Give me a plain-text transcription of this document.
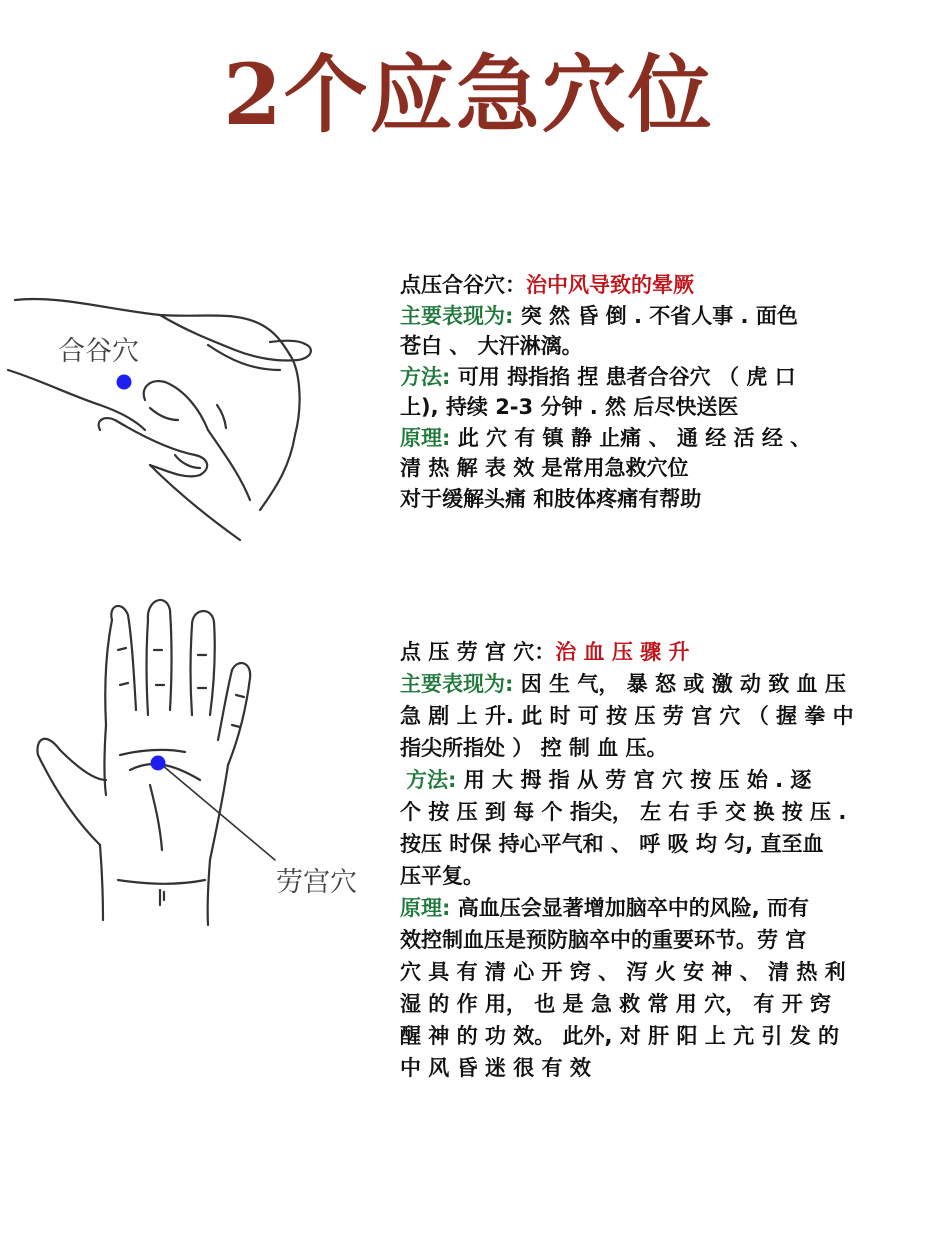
2个应急穴位
合谷穴
点压合谷穴：治中风导致的晕厥
主要表现为: 突 然 昏 倒 . 不省人事 . 面色
苍白 、 大汗淋漓。
方法: 可用 拇指掐 捏 患者合谷穴 （ 虎 口
上), 持续 2-3 分钟 . 然 后尽快送医
原理: 此 穴 有 镇 静 止痛 、 通 经 活 经 、
清 热 解 表 效 是常用急救穴位
对于缓解头痛 和肢体疼痛有帮助
劳宫穴
点 压 劳 宫 穴：治 血 压 骤 升
主要表现为: 因 生 气， 暴 怒 或 激 动 致 血 压
急 剧 上 升. 此 时 可 按 压 劳 宫 穴 （ 握 拳 中
指尖所指处 ） 控 制 血 压。
方法: 用 大 拇 指 从 劳 宫 穴 按 压 始 . 逐
个 按 压 到 每 个 指尖， 左 右 手 交 换 按 压 .
按压 时保 持心平气和 、 呼 吸 均 匀, 直至血
压平复。
原理: 高血压会显著增加脑卒中的风险, 而有
效控制血压是预防脑卒中的重要环节。劳 宫
穴 具 有 清 心 开 窍 、 泻 火 安 神 、 清 热 利
湿 的 作 用， 也 是 急 救 常 用 穴， 有 开 窍
醒 神 的 功 效。 此外, 对 肝 阳 上 亢 引 发 的
中 风 昏 迷 很 有 效
